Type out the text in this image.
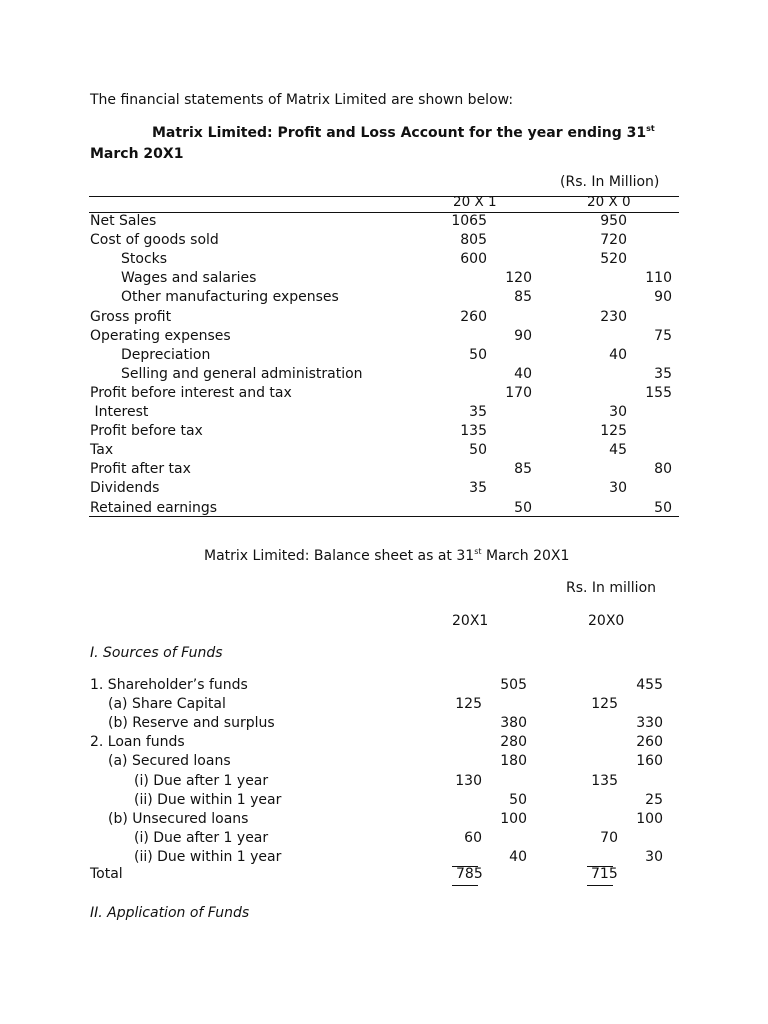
The financial statements of Matrix Limited are shown below:
Matrix Limited: Profit and Loss Account for the year ending 31st
March 20X1
(Rs. In Million)
20 X 1	20 X 0
Net Sales	1065	950
Cost of goods sold	805	720
Stocks	600	520
Wages and salaries	120	110
Other manufacturing expenses	85	90
Gross profit	260	230
Operating expenses	90	75
Depreciation	50	40
Selling and general administration	40	35
Profit before interest and tax	170	155
Interest	35	30
Profit before tax	135	125
Tax	50	45
Profit after tax	85	80
Dividends	35	30
Retained earnings	50	50
Matrix Limited: Balance sheet as at 31st March 20X1
Rs. In million
20X1	20X0
I. Sources of Funds
1. Shareholder’s funds	505	455
(a) Share Capital	125	125
(b) Reserve and surplus	380	330
2. Loan funds	280	260
(a) Secured loans	180	160
(i) Due after 1 year	130	135
(ii) Due within 1 year	50	25
(b) Unsecured loans	100	100
(i) Due after 1 year	60	70
(ii) Due within 1 year	40	30
Total	785	715
II. Application of Funds
